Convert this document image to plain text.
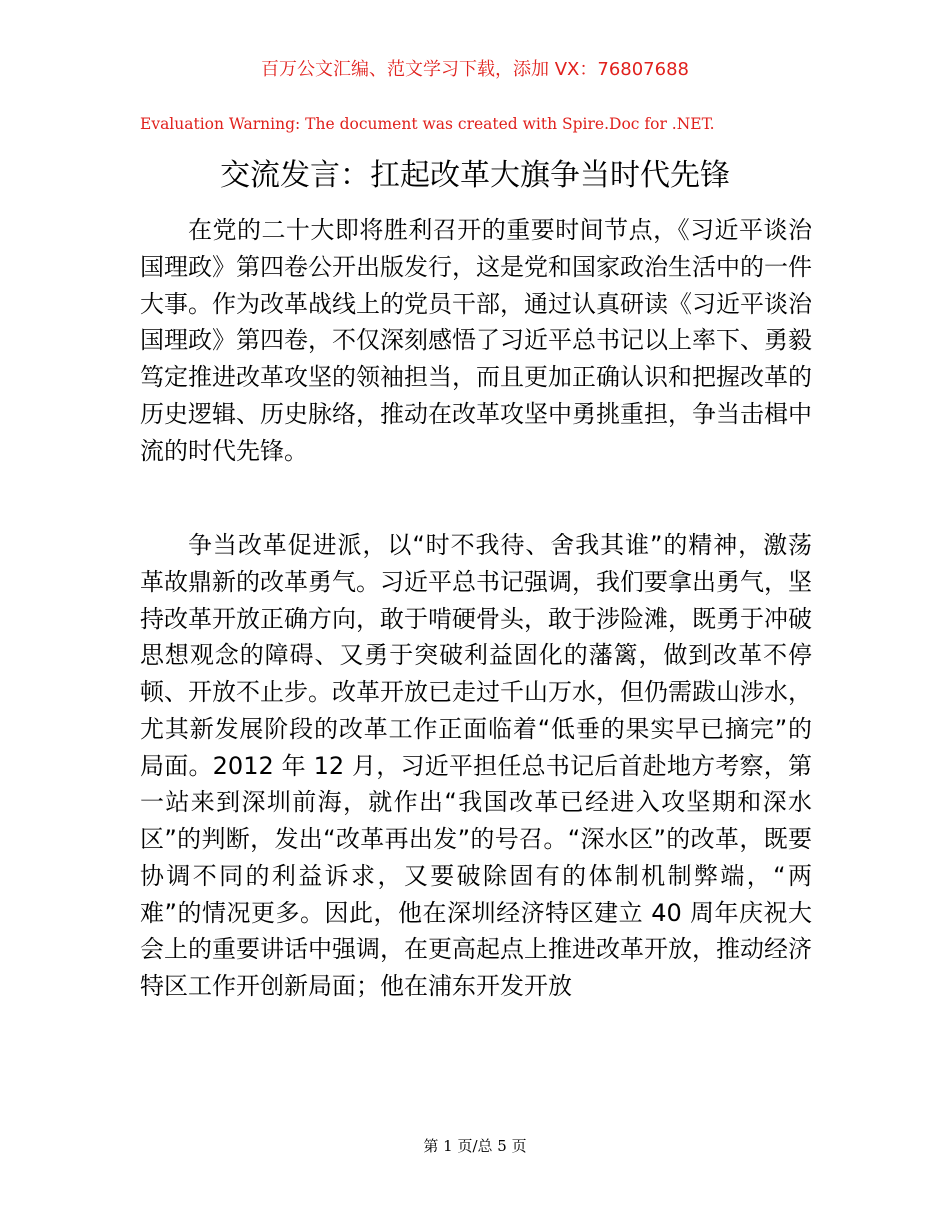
百万公文汇编、范文学习下载，添加 VX：76807688
Evaluation Warning: The document was created with Spire.Doc for .NET.
交流发言：扛起改革大旗争当时代先锋

在党的二十大即将胜利召开的重要时间节点，《习近平谈治国理政》第四卷公开出版发行，这是党和国家政治生活中的一件大事。作为改革战线上的党员干部，通过认真研读《习近平谈治国理政》第四卷，不仅深刻感悟了习近平总书记以上率下、勇毅笃定推进改革攻坚的领袖担当，而且更加正确认识和把握改革的历史逻辑、历史脉络，推动在改革攻坚中勇挑重担，争当击楫中流的时代先锋。

争当改革促进派，以“时不我待、舍我其谁”的精神，激荡革故鼎新的改革勇气。习近平总书记强调，我们要拿出勇气，坚持改革开放正确方向，敢于啃硬骨头，敢于涉险滩，既勇于冲破思想观念的障碍、又勇于突破利益固化的藩篱，做到改革不停顿、开放不止步。改革开放已走过千山万水，但仍需跋山涉水，尤其新发展阶段的改革工作正面临着“低垂的果实早已摘完”的局面。2012 年 12 月，习近平担任总书记后首赴地方考察，第一站来到深圳前海，就作出“我国改革已经进入攻坚期和深水区”的判断，发出“改革再出发”的号召。“深水区”的改革，既要协调不同的利益诉求，又要破除固有的体制机制弊端，“两难”的情况更多。因此，他在深圳经济特区建立 40 周年庆祝大会上的重要讲话中强调，在更高起点上推进改革开放，推动经济特区工作开创新局面；他在浦东开发开放

第 1 页/总 5 页
